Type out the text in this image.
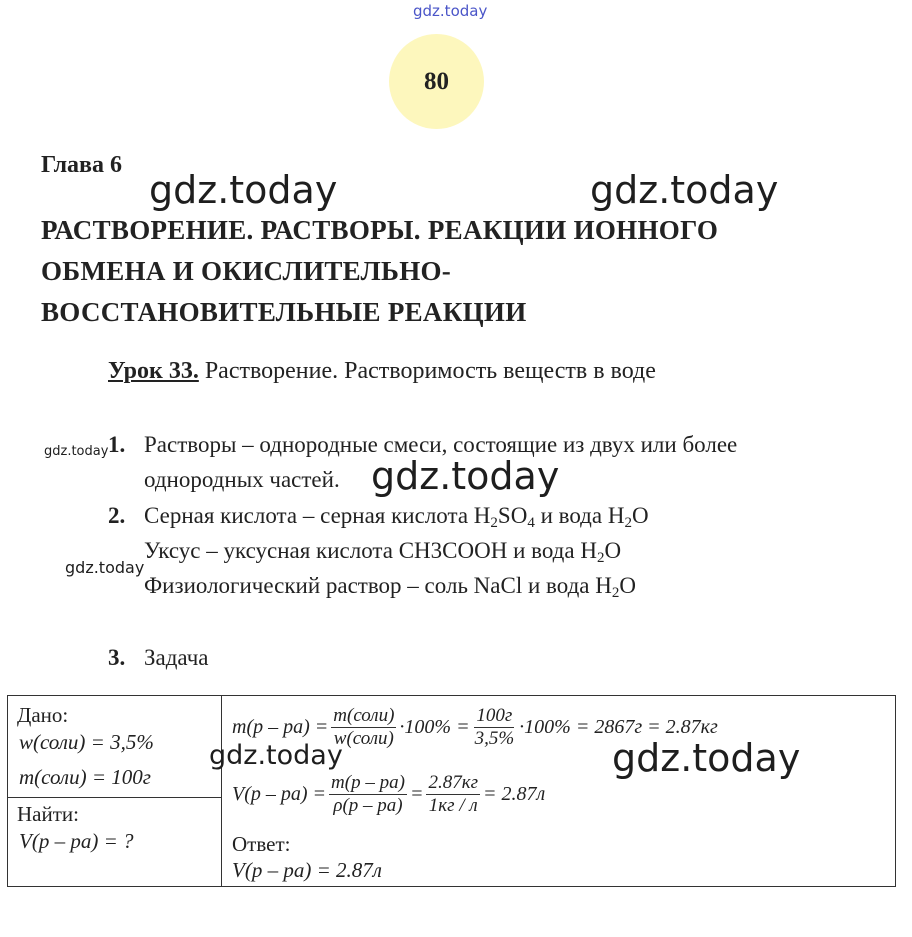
gdz.today
80
Глава 6
РАСТВОРЕНИЕ. РАСТВОРЫ. РЕАКЦИИ ИОННОГО
ОБМЕНА И ОКИСЛИТЕЛЬНО-
ВОССТАНОВИТЕЛЬНЫЕ РЕАКЦИИ
Урок 33. Растворение. Растворимость веществ в воде
1. Растворы – однородные смеси, состоящие из двух или более
однородных частей.
2. Серная кислота – серная кислота $H_2SO_4$ и вода $H_2O$
Уксус – уксусная кислота CH3COOH и вода $H_2O$
Физиологический раствор – соль NaCl и вода $H_2O$
3. Задача
Дано:
w(соли) = 3,5%
m(соли) = 100г
Найти:
V(р – ра) = ?
$m(р - ра) = \frac{\text{m(соли)}}{\text{w(соли)}} \cdot 100\% = \frac{100г}{3,5\%} \cdot 100\% = 2867г = 2.87кг$
$V(р - ра) = \frac{m(р - ра)}{\rho(р - ра)} = \frac{2.87кг}{1кг / л} = 2.87л$
Ответ:
V(р – ра) = 2.87л
gdz.today	gdz.today
gdz.today
gdz.today
gdz.today
gdz.today	gdz.today
